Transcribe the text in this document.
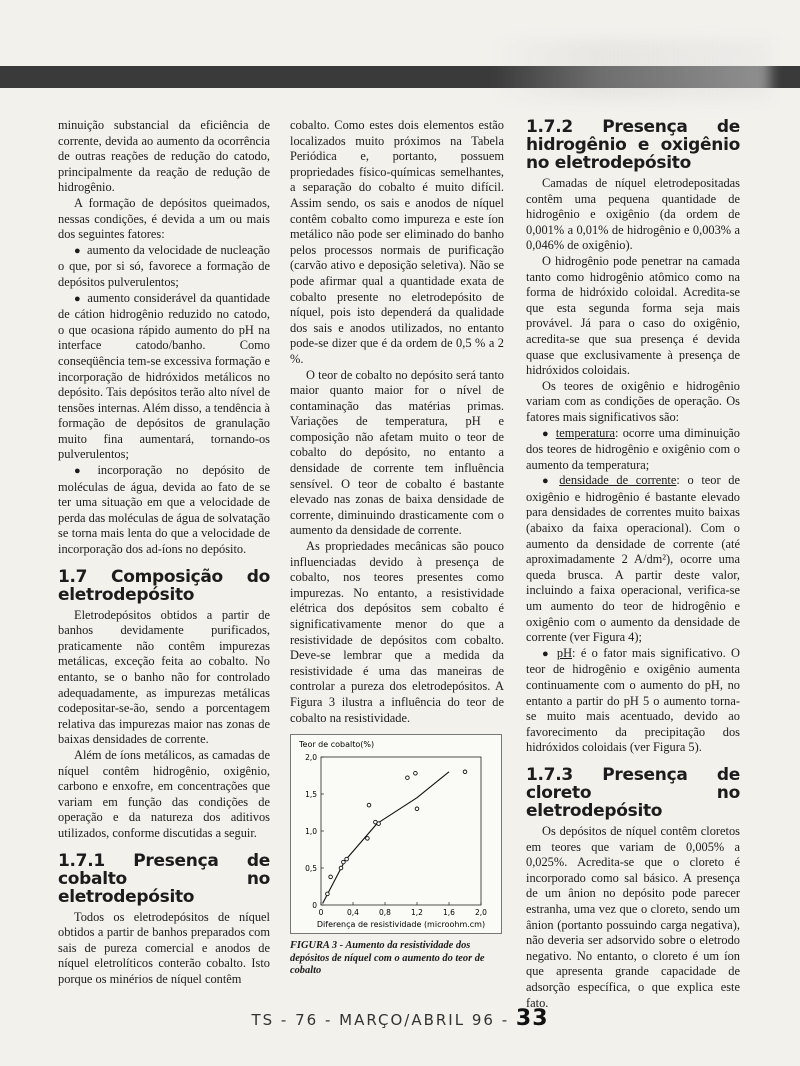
minuição substancial da eficiência de corrente, devida ao aumento da ocorrência de outras reações de redução do catodo, principalmente da reação de redução de hidrogênio.

A formação de depósitos queimados, nessas condições, é devida a um ou mais dos seguintes fatores:

● aumento da velocidade de nucleação o que, por si só, favorece a formação de depósitos pulverulentos;

● aumento considerável da quantidade de cátion hidrogênio reduzido no catodo, o que ocasiona rápido aumento do pH na interface catodo/banho. Como conseqüência tem-se excessiva formação e incorporação de hidróxidos metálicos no depósito. Tais depósitos terão alto nível de tensões internas. Além disso, a tendência à formação de depósitos de granulação muito fina aumentará, tornando-os pulverulentos;

● incorporação no depósito de moléculas de água, devida ao fato de se ter uma situação em que a velocidade de perda das moléculas de água de solvatação se torna mais lenta do que a velocidade de incorporação dos ad-íons no depósito.

1.7 Composição do eletrodepósito

Eletrodepósitos obtidos a partir de banhos devidamente purificados, praticamente não contêm impurezas metálicas, exceção feita ao cobalto. No entanto, se o banho não for controlado adequadamente, as impurezas metálicas codepositar-se-ão, sendo a porcentagem relativa das impurezas maior nas zonas de baixas densidades de corrente.

Além de íons metálicos, as camadas de níquel contêm hidrogênio, oxigênio, carbono e enxofre, em concentrações que variam em função das condições de operação e da natureza dos aditivos utilizados, conforme discutidas a seguir.

1.7.1 Presença de cobalto no eletrodepósito

Todos os eletrodepósitos de níquel obtidos a partir de banhos preparados com sais de pureza comercial e anodos de níquel eletrolíticos conterão cobalto. Isto porque os minérios de níquel contêm

cobalto. Como estes dois elementos estão localizados muito próximos na Tabela Periódica e, portanto, possuem propriedades físico-químicas semelhantes, a separação do cobalto é muito difícil. Assim sendo, os sais e anodos de níquel contêm cobalto como impureza e este íon metálico não pode ser eliminado do banho pelos processos normais de purificação (carvão ativo e deposição seletiva). Não se pode afirmar qual a quantidade exata de cobalto presente no eletrodepósito de níquel, pois isto dependerá da qualidade dos sais e anodos utilizados, no entanto pode-se dizer que é da ordem de 0,5 % a 2 %.

O teor de cobalto no depósito será tanto maior quanto maior for o nível de contaminação das matérias primas. Variações de temperatura, pH e composição não afetam muito o teor de cobalto do depósito, no entanto a densidade de corrente tem influência sensível. O teor de cobalto é bastante elevado nas zonas de baixa densidade de corrente, diminuindo drasticamente com o aumento da densidade de corrente.

As propriedades mecânicas são pouco influenciadas devido à presença de cobalto, nos teores presentes como impurezas. No entanto, a resistividade elétrica dos depósitos sem cobalto é significativamente menor do que a resistividade de depósitos com cobalto. Deve-se lembrar que a medida da resistividade é uma das maneiras de controlar a pureza dos eletrodepósitos. A Figura 3 ilustra a influência do teor de cobalto na resistividade.

Teor de cobalto(%)
0	0,4	0,8	1,2	1,6	2,0
0
0,5
1,0
1,5
2,0
Diferença de resistividade (microohm.cm)
FIGURA 3 - Aumento da resistividade dos depósitos de níquel com o aumento do teor de cobalto
1.7.2 Presença de hidrogênio e oxigênio no eletrodepósito

Camadas de níquel eletrodepositadas contêm uma pequena quantidade de hidrogênio e oxigênio (da ordem de 0,001% a 0,01% de hidrogênio e 0,003% a 0,046% de oxigênio).

O hidrogênio pode penetrar na camada tanto como hidrogênio atômico como na forma de hidróxido coloidal. Acredita-se que esta segunda forma seja mais provável. Já para o caso do oxigênio, acredita-se que sua presença é devida quase que exclusivamente à presença de hidróxidos coloidais.

Os teores de oxigênio e hidrogênio variam com as condições de operação. Os fatores mais significativos são:

● temperatura: ocorre uma diminuição dos teores de hidrogênio e oxigênio com o aumento da temperatura;

● densidade de corrente: o teor de oxigênio e hidrogênio é bastante elevado para densidades de correntes muito baixas (abaixo da faixa operacional). Com o aumento da densidade de corrente (até aproximadamente 2 A/dm²), ocorre uma queda brusca. A partir deste valor, incluindo a faixa operacional, verifica-se um aumento do teor de hidrogênio e oxigênio com o aumento da densidade de corrente (ver Figura 4);

● pH: é o fator mais significativo. O teor de hidrogênio e oxigênio aumenta continuamente com o aumento do pH, no entanto a partir do pH 5 o aumento torna-se muito mais acentuado, devido ao favorecimento da precipitação dos hidróxidos coloidais (ver Figura 5).

1.7.3 Presença de cloreto no eletrodepósito

Os depósitos de níquel contêm cloretos em teores que variam de 0,005% a 0,025%. Acredita-se que o cloreto é incorporado como sal básico. A presença de um ânion no depósito pode parecer estranha, uma vez que o cloreto, sendo um ânion (portanto possuindo carga negativa), não deveria ser adsorvido sobre o eletrodo negativo. No entanto, o cloreto é um íon que apresenta grande capacidade de adsorção específica, o que explica este fato.

TS - 76 - MARÇO/ABRIL 96 - 33
